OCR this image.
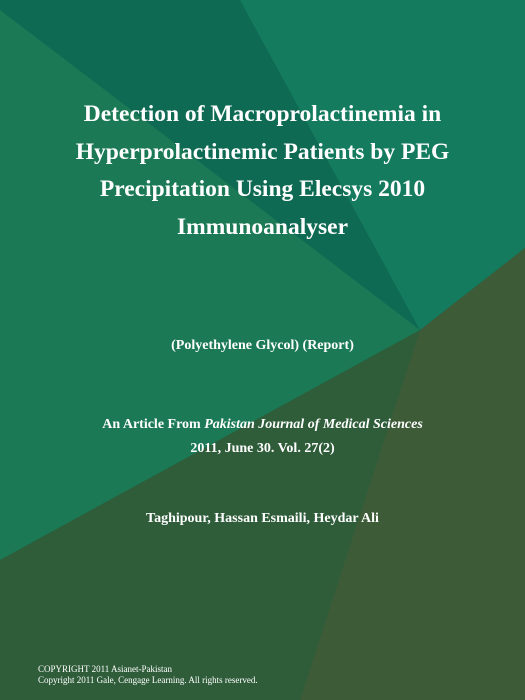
Detection of Macroprolactinemia in
Hyperprolactinemic Patients by PEG
Precipitation Using Elecsys 2010
Immunoanalyser
(Polyethylene Glycol) (Report)
An Article From Pakistan Journal of Medical Sciences
2011, June 30. Vol. 27(2)
Taghipour, Hassan Esmaili, Heydar Ali
COPYRIGHT 2011 Asianet-Pakistan
Copyright 2011 Gale, Cengage Learning. All rights reserved.
